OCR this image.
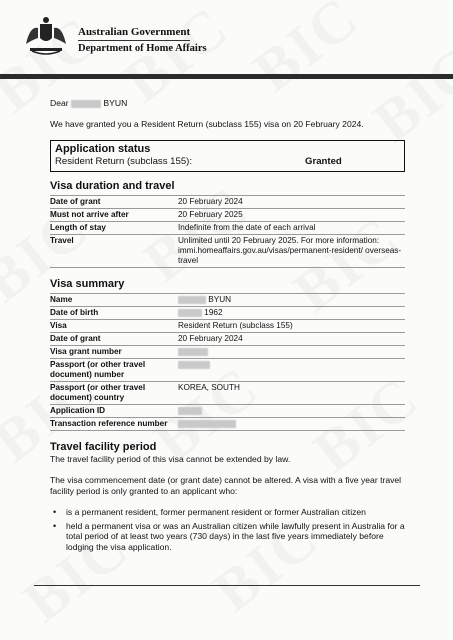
Australian Government
Department of Home Affairs

Dear	BYUN

We have granted you a Resident Return (subclass 155) visa on 20 February 2024.

Application status
Resident Return (subclass 155):	Granted
Visa duration and travel
Date of grant	20 February 2024
Must not arrive after	20 February 2025
Length of stay	Indefinite from the date of each arrival
Travel	Unlimited until 20 February 2025. For more information: immi.homeaffairs.gov.au/visas/permanent-resident/ overseas-travel
Visa summary
Name	BYUN
Date of birth	1962
Visa	Resident Return (subclass 155)
Date of grant	20 February 2024
Visa grant number	
Passport (or other travel document) number	
Passport (or other travel document) country	KOREA, SOUTH
Application ID	
Transaction reference number	
Travel facility period

The travel facility period of this visa cannot be extended by law.

The visa commencement date (or grant date) cannot be altered. A visa with a five year travel facility period is only granted to an applicant who:

• is a permanent resident, former permanent resident or former Australian citizen
• held a permanent visa or was an Australian citizen while lawfully present in Australia for a total period of at least two years (730 days) in the last five years immediately before lodging the visa application.
